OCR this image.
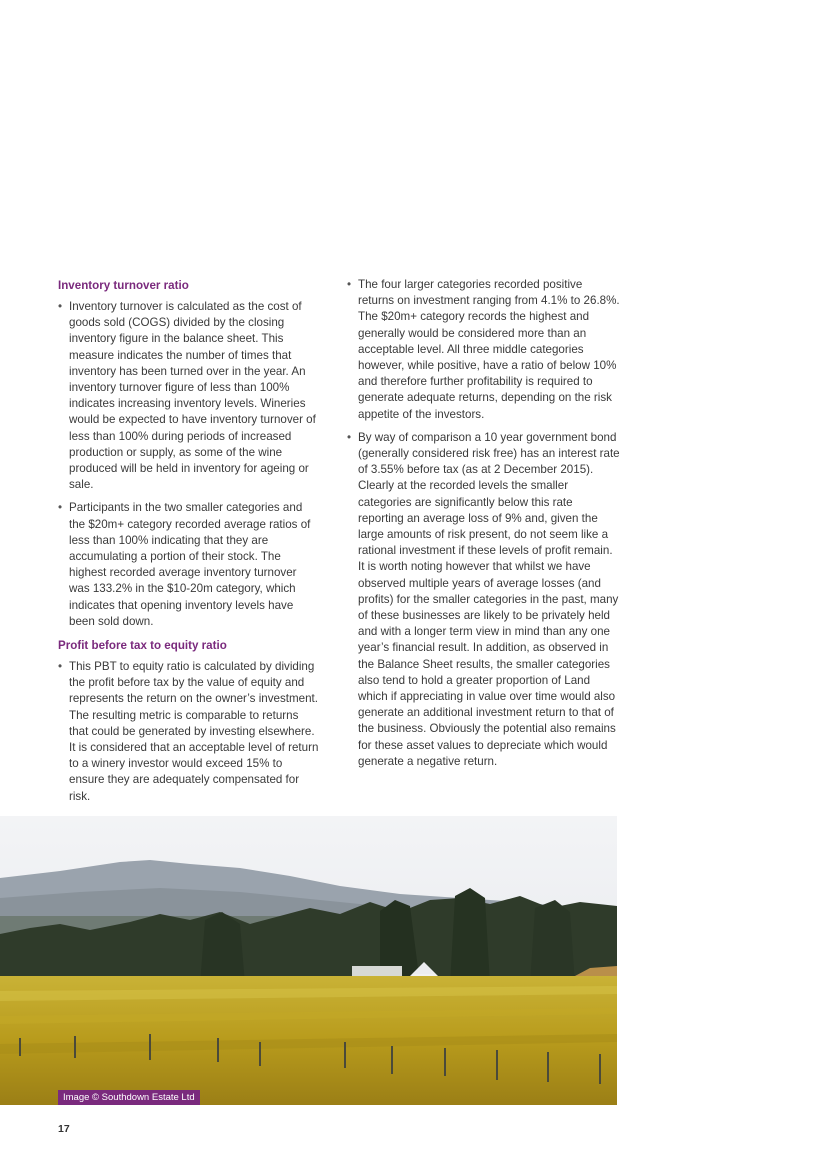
Inventory turnover ratio

• Inventory turnover is calculated as the cost of goods sold (COGS) divided by the closing inventory figure in the balance sheet. This measure indicates the number of times that inventory has been turned over in the year. An inventory turnover figure of less than 100% indicates increasing inventory levels. Wineries would be expected to have inventory turnover of less than 100% during periods of increased production or supply, as some of the wine produced will be held in inventory for ageing or sale.

• Participants in the two smaller categories and the $20m+ category recorded average ratios of less than 100% indicating that they are accumulating a portion of their stock. The highest recorded average inventory turnover was 133.2% in the $10-20m category, which indicates that opening inventory levels have been sold down.

Profit before tax to equity ratio

• This PBT to equity ratio is calculated by dividing the profit before tax by the value of equity and represents the return on the owner’s investment. The resulting metric is comparable to returns that could be generated by investing elsewhere. It is considered that an acceptable level of return to a winery investor would exceed 15% to ensure they are adequately compensated for risk.

• The four larger categories recorded positive returns on investment ranging from 4.1% to 26.8%. The $20m+ category records the highest and generally would be considered more than an acceptable level. All three middle categories however, while positive, have a ratio of below 10% and therefore further profitability is required to generate adequate returns, depending on the risk appetite of the investors.

• By way of comparison a 10 year government bond (generally considered risk free) has an interest rate of 3.55% before tax (as at 2 December 2015). Clearly at the recorded levels the smaller categories are significantly below this rate reporting an average loss of 9% and, given the large amounts of risk present, do not seem like a rational investment if these levels of profit remain. It is worth noting however that whilst we have observed multiple years of average losses (and profits) for the smaller categories in the past, many of these businesses are likely to be privately held and with a longer term view in mind than any one year’s financial result. In addition, as observed in the Balance Sheet results, the smaller categories also tend to hold a greater proportion of Land which if appreciating in value over time would also generate an additional investment return to that of the business. Obviously the potential also remains for these asset values to depreciate which would generate a negative return.

Image © Southdown Estate Ltd
17
